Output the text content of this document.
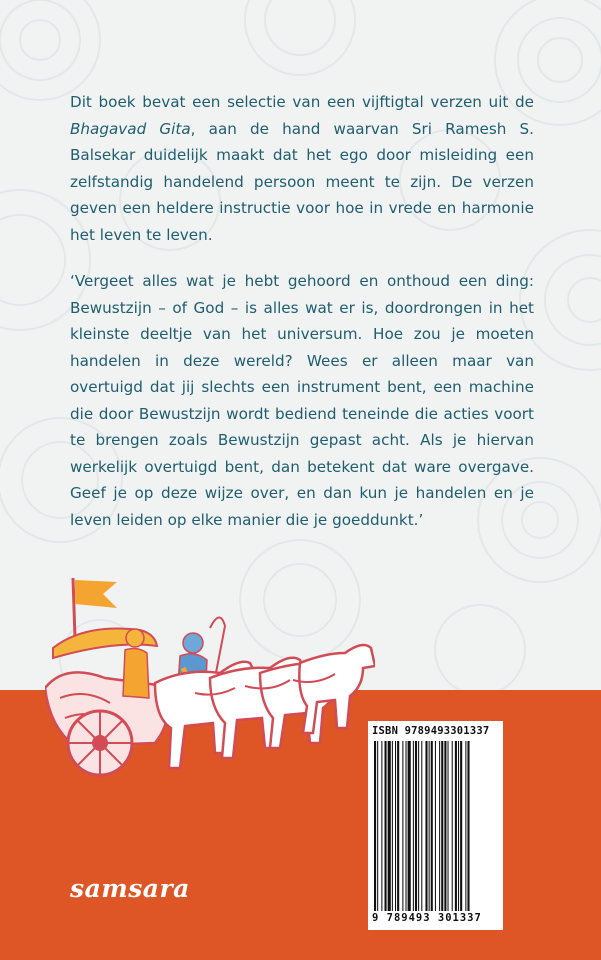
Dit boek bevat een selectie van een vijftigtal verzen uit de Bhagavad Gita, aan de hand waarvan Sri Ramesh S. Balsekar duidelijk maakt dat het ego door misleiding een zelfstandig handelend persoon meent te zijn. De verzen geven een heldere instructie voor hoe in vrede en harmonie het leven te leven.

‘Vergeet alles wat je hebt gehoord en onthoud een ding: Bewustzijn – of God – is alles wat er is, doordrongen in het kleinste deeltje van het universum. Hoe zou je moeten handelen in deze wereld? Wees er alleen maar van overtuigd dat jij slechts een instrument bent, een machine die door Bewustzijn wordt bediend teneinde die acties voort te brengen zoals Bewustzijn gepast acht. Als je hiervan werkelijk overtuigd bent, dan betekent dat ware overgave. Geef je op deze wijze over, en dan kun je handelen en je leven leiden op elke manier die je goeddunkt.’

samsara
ISBN 9789493301337
9 789493 301337
